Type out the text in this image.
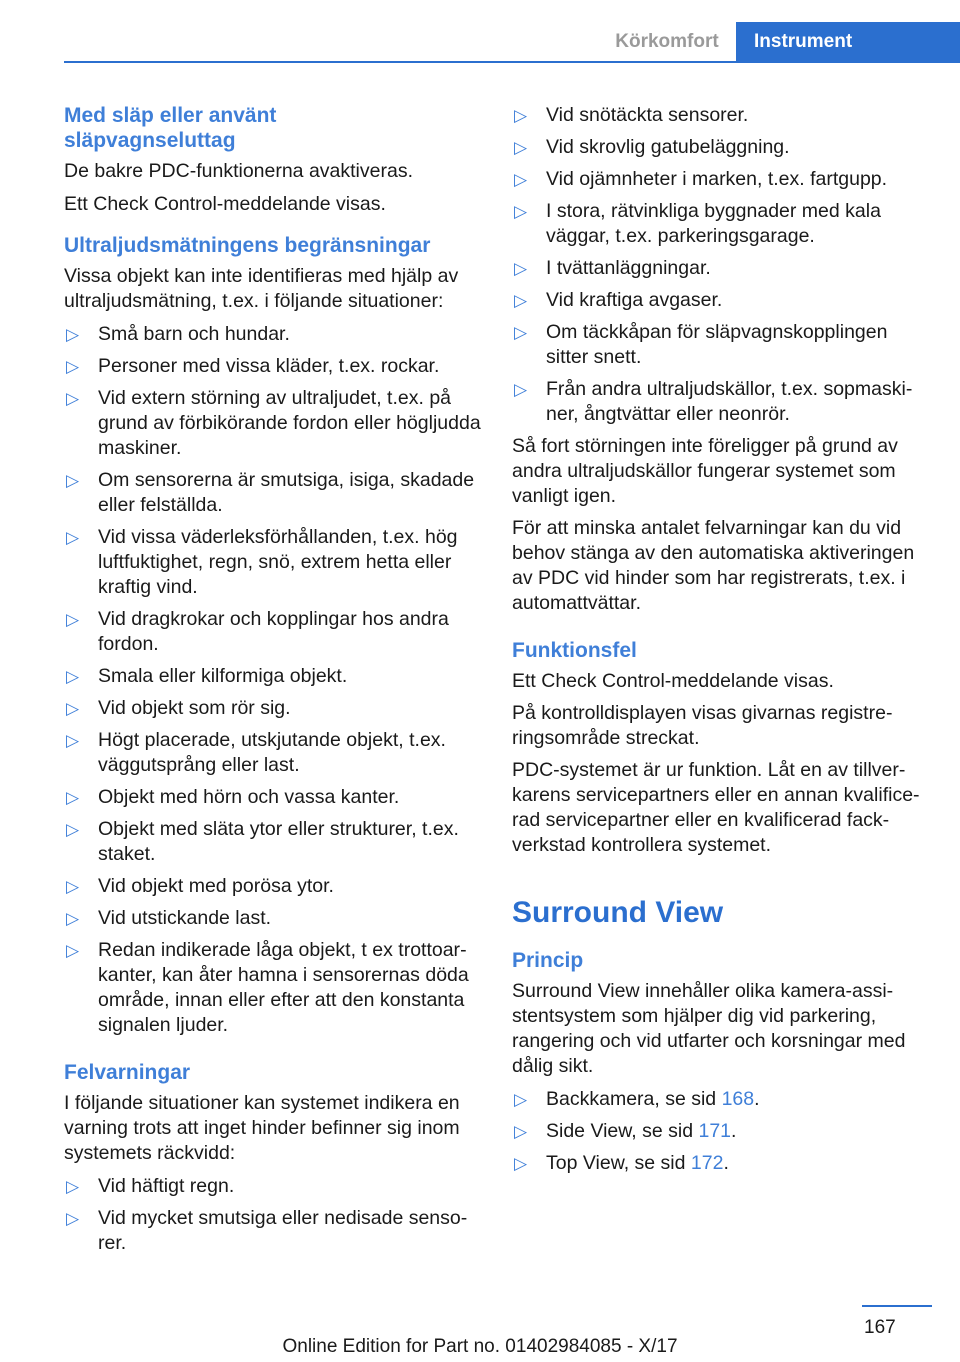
Körkomfort	Instrument
Med släp eller använt släpvagnseluttag

De bakre PDC-funktionerna avaktiveras.

Ett Check Control-meddelande visas.

Ultraljudsmätningens begränsningar

Vissa objekt kan inte identifieras med hjälp av ultraljudsmätning, t.ex. i följande situationer:

▷ Små barn och hundar.
▷ Personer med vissa kläder, t.ex. rockar.
▷ Vid extern störning av ultraljudet, t.ex. på grund av förbikörande fordon eller högljudda maskiner.
▷ Om sensorerna är smutsiga, isiga, skadade eller felställda.
▷ Vid vissa väderleksförhållanden, t.ex. hög luftfuktighet, regn, snö, extrem hetta eller kraftig vind.
▷ Vid dragkrokar och kopplingar hos andra fordon.
▷ Smala eller kilformiga objekt.
▷ Vid objekt som rör sig.
▷ Högt placerade, utskjutande objekt, t.ex. väggutsprång eller last.
▷ Objekt med hörn och vassa kanter.
▷ Objekt med släta ytor eller strukturer, t.ex. staket.
▷ Vid objekt med porösa ytor.
▷ Vid utstickande last.
▷ Redan indikerade låga objekt, t ex trottoarkanter, kan åter hamna i sensorernas döda område, innan eller efter att den konstanta signalen ljuder.
Felvarningar

I följande situationer kan systemet indikera en varning trots att inget hinder befinner sig inom systemets räckvidd:

▷ Vid häftigt regn.
▷ Vid mycket smutsiga eller nedisade sensorer.
▷ Vid snötäckta sensorer.
▷ Vid skrovlig gatubeläggning.
▷ Vid ojämnheter i marken, t.ex. fartgupp.
▷ I stora, rätvinkliga byggnader med kala väggar, t.ex. parkeringsgarage.
▷ I tvättanläggningar.
▷ Vid kraftiga avgaser.
▷ Om täckkåpan för släpvagnskopplingen sitter snett.
▷ Från andra ultraljudskällor, t.ex. sopmaskiner, ångtvättar eller neonrör.

Så fort störningen inte föreligger på grund av andra ultraljudskällor fungerar systemet som vanligt igen.

För att minska antalet felvarningar kan du vid behov stänga av den automatiska aktiveringen av PDC vid hinder som har registrerats, t.ex. i automattvättar.

Funktionsfel

Ett Check Control-meddelande visas.

På kontrolldisplayen visas givarnas registreringsområde streckat.

PDC-systemet är ur funktion. Låt en av tillverkarens servicepartners eller en annan kvalificerad servicepartner eller en kvalificerad fackverkstad kontrollera systemet.

Surround View
Princip

Surround View innehåller olika kamera-assistentsystem som hjälper dig vid parkering, rangering och vid utfarter och korsningar med dålig sikt.

▷ Backkamera, se sid 168.
▷ Side View, se sid 171.
▷ Top View, se sid 172.
167
Online Edition for Part no. 01402984085 - X/17
